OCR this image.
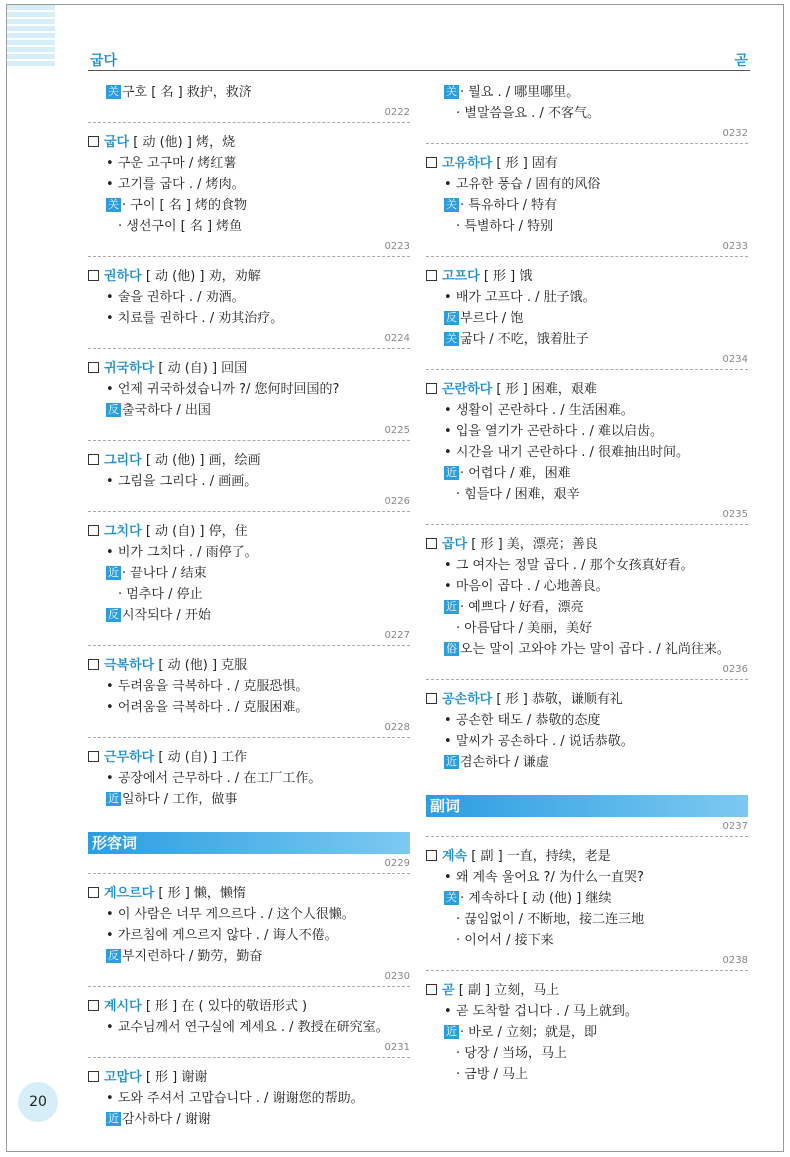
굽다	곧
关 구호 [ 名 ] 救护，救济
0222
굽다 [ 动 (他) ] 烤，烧
• 구운 고구마 / 烤红薯
• 고기를 굽다 . / 烤肉。
关 · 구이 [ 名 ] 烤的食物
· 생선구이 [ 名 ] 烤鱼
0223
권하다 [ 动 (他) ] 劝，劝解
• 술을 권하다 . / 劝酒。
• 치료를 권하다 . / 劝其治疗。
0224
귀국하다 [ 动 (自) ] 回国
• 언제 귀국하셨습니까 ?/ 您何时回国的?
反 출국하다 / 出国
0225
그리다 [ 动 (他) ] 画，绘画
• 그림을 그리다 . / 画画。
0226
그치다 [ 动 (自) ] 停，住
• 비가 그치다 . / 雨停了。
近 · 끝나다 / 结束
· 멈추다 / 停止
反 시작되다 / 开始
0227
극복하다 [ 动 (他) ] 克服
• 두려움을 극복하다 . / 克服恐惧。
• 어려움을 극복하다 . / 克服困难。
0228
근무하다 [ 动 (自) ] 工作
• 공장에서 근무하다 . / 在工厂工作。
近 일하다 / 工作，做事
形容词
0229
게으르다 [ 形 ] 懒，懒惰
• 이 사람은 너무 게으르다 . / 这个人很懒。
• 가르침에 게으르지 않다 . / 诲人不倦。
反 부지런하다 / 勤劳，勤奋
0230
계시다 [ 形 ] 在 ( 있다的敬语形式 )
• 교수님께서 연구실에 계세요 . / 教授在研究室。
0231
고맙다 [ 形 ] 谢谢
• 도와 주셔서 고맙습니다 . / 谢谢您的帮助。
近 감사하다 / 谢谢
关 · 뭘요 . / 哪里哪里。
· 별말씀을요 . / 不客气。
0232
고유하다 [ 形 ] 固有
• 고유한 풍습 / 固有的风俗
关 · 특유하다 / 特有
· 특별하다 / 特别
0233
고프다 [ 形 ] 饿
• 배가 고프다 . / 肚子饿。
反 부르다 / 饱
关 굶다 / 不吃，饿着肚子
0234
곤란하다 [ 形 ] 困难，艰难
• 생활이 곤란하다 . / 生活困难。
• 입을 열기가 곤란하다 . / 难以启齿。
• 시간을 내기 곤란하다 . / 很难抽出时间。
近 · 어렵다 / 难，困难
· 힘들다 / 困难，艰辛
0235
곱다 [ 形 ] 美，漂亮；善良
• 그 여자는 정말 곱다 . / 那个女孩真好看。
• 마음이 곱다 . / 心地善良。
近 · 예쁘다 / 好看，漂亮
· 아름답다 / 美丽，美好
俗 오는 말이 고와야 가는 말이 곱다 . / 礼尚往来。
0236
공손하다 [ 形 ] 恭敬，谦顺有礼
• 공손한 태도 / 恭敬的态度
• 말씨가 공손하다 . / 说话恭敬。
近 겸손하다 / 谦虚
副词
0237
계속 [ 副 ] 一直，持续，老是
• 왜 계속 울어요 ?/ 为什么一直哭?
关 · 계속하다 [ 动 (他) ] 继续
· 끊임없이 / 不断地，接二连三地
· 이어서 / 接下来
0238
곧 [ 副 ] 立刻，马上
• 곧 도착할 겁니다 . / 马上就到。
近 · 바로 / 立刻；就是，即
· 당장 / 当场，马上
· 금방 / 马上
20
